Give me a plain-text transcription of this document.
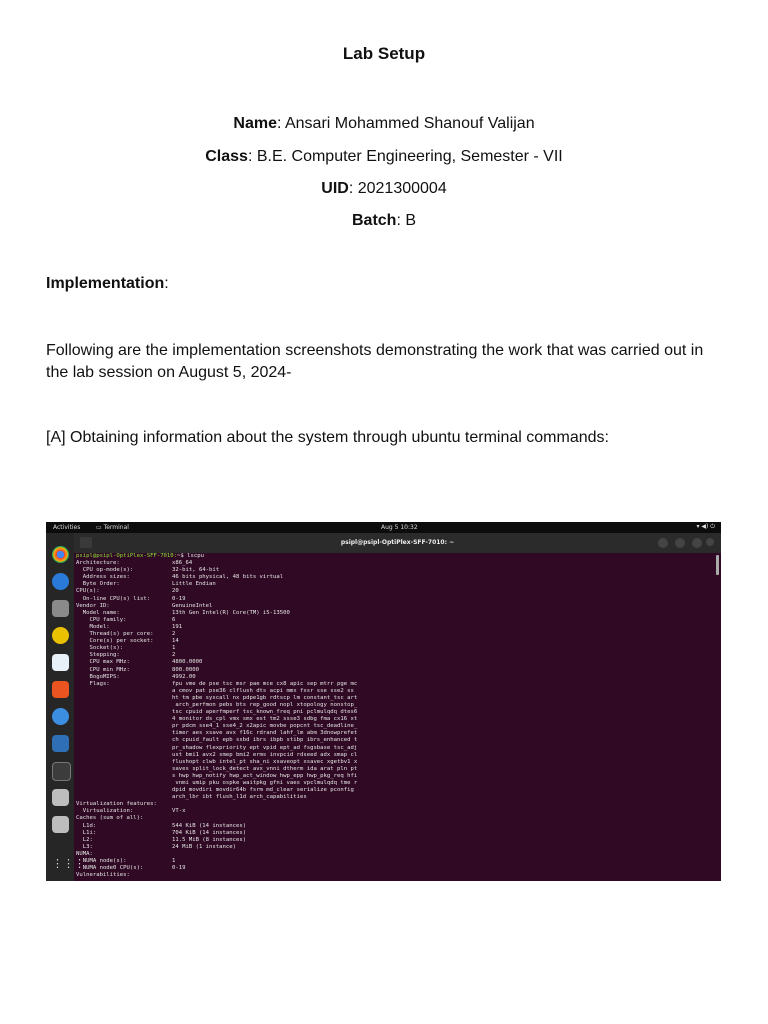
Lab Setup
Name: Ansari Mohammed Shanouf Valijan
Class: B.E. Computer Engineering, Semester - VII
UID: 2021300004
Batch: B
Implementation:
Following are the implementation screenshots demonstrating the work that was carried out in the lab session on August 5, 2024-
[A] Obtaining information about the system through ubuntu terminal commands:
Activities	▭ Terminal	Aug 5 10:32	▾ ◀) ⏻
⋮⋮⋮
psipl@psipl-OptiPlex-SFF-7010: ~
psipl@psipl-OptiPlex-SFF-7010:~$ lscpu
Architecture:	x86_64
CPU op-mode(s):	32-bit, 64-bit
Address sizes:	46 bits physical, 48 bits virtual
Byte Order:	Little Endian
CPU(s):	20
On-line CPU(s) list:	0-19
Vendor ID:	GenuineIntel
Model name:	13th Gen Intel(R) Core(TM) i5-13500
CPU family:	6
Model:	191
Thread(s) per core:	2
Core(s) per socket:	14
Socket(s):	1
Stepping:	2
CPU max MHz:	4800.0000
CPU min MHz:	800.0000
BogoMIPS:	4992.00
Flags:	fpu vme de pse tsc msr pae mce cx8 apic sep mtrr pge mc
a cmov pat pse36 clflush dts acpi mmx fxsr sse sse2 ss
ht tm pbe syscall nx pdpe1gb rdtscp lm constant_tsc art
arch_perfmon pebs bts rep_good nopl xtopology nonstop_
tsc cpuid aperfmperf tsc_known_freq pni pclmulqdq dtes6
4 monitor ds_cpl vmx smx est tm2 ssse3 sdbg fma cx16 xt
pr pdcm sse4_1 sse4_2 x2apic movbe popcnt tsc_deadline_
timer aes xsave avx f16c rdrand lahf_lm abm 3dnowprefet
ch cpuid_fault epb ssbd ibrs ibpb stibp ibrs_enhanced t
pr_shadow flexpriority ept vpid ept_ad fsgsbase tsc_adj
ust bmi1 avx2 smep bmi2 erms invpcid rdseed adx smap cl
flushopt clwb intel_pt sha_ni xsaveopt xsavec xgetbv1 x
saves split_lock_detect avx_vnni dtherm ida arat pln pt
s hwp hwp_notify hwp_act_window hwp_epp hwp_pkg_req hfi
vnmi umip pku ospke waitpkg gfni vaes vpclmulqdq tme r
dpid movdiri movdir64b fsrm md_clear serialize pconfig
arch_lbr ibt flush_l1d arch_capabilities
Virtualization features:
Virtualization:	VT-x
Caches (sum of all):
L1d:	544 KiB (14 instances)
L1i:	704 KiB (14 instances)
L2:	11.5 MiB (8 instances)
L3:	24 MiB (1 instance)
NUMA:
NUMA node(s):	1
NUMA node0 CPU(s):	0-19
Vulnerabilities:
